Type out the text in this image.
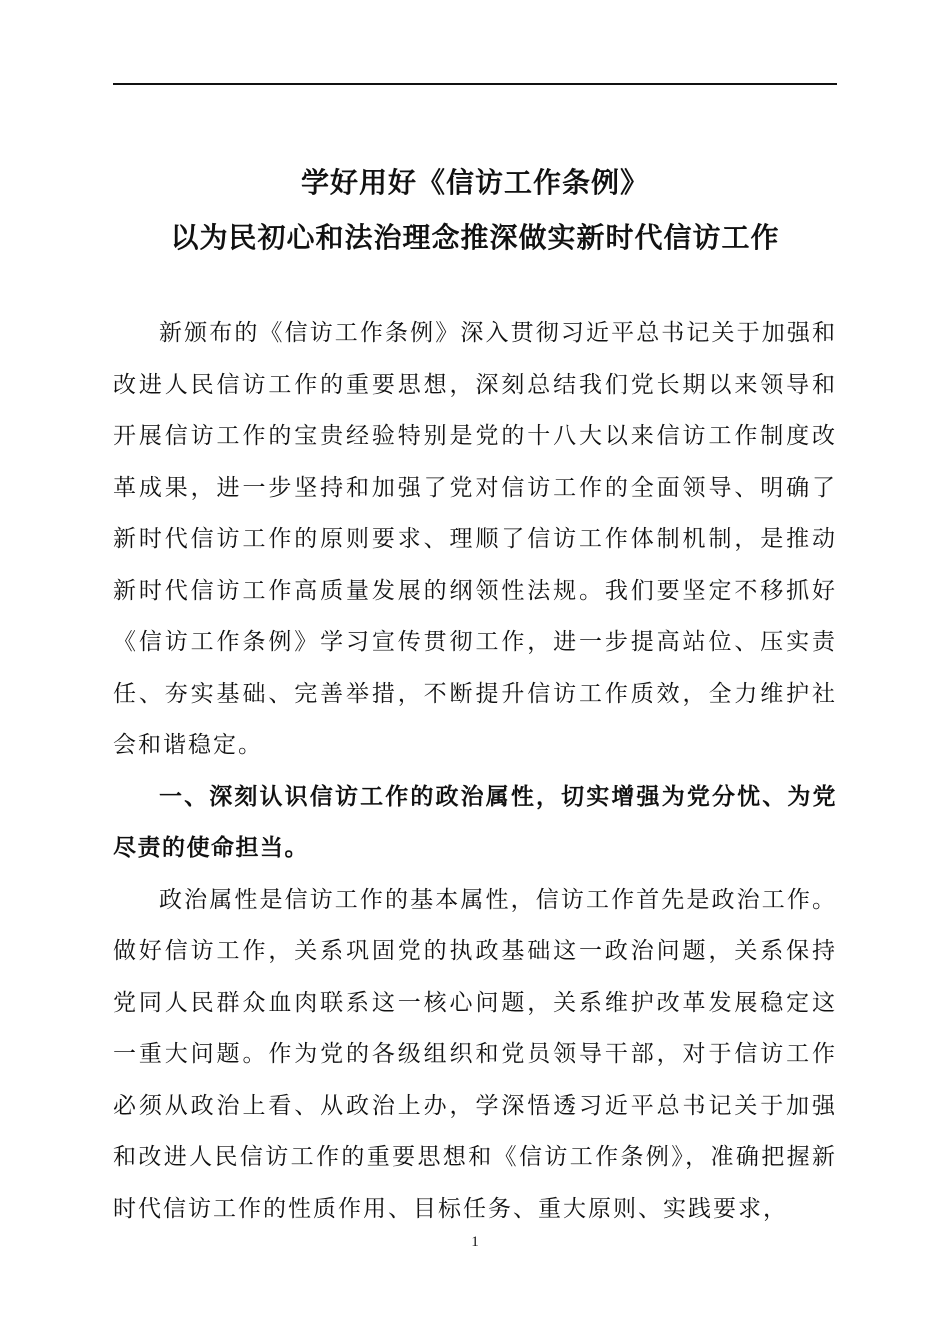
学好用好《信访工作条例》
以为民初心和法治理念推深做实新时代信访工作

新颁布的《信访工作条例》深入贯彻习近平总书记关于加强和改进人民信访工作的重要思想，深刻总结我们党长期以来领导和开展信访工作的宝贵经验特别是党的十八大以来信访工作制度改革成果，进一步坚持和加强了党对信访工作的全面领导、明确了新时代信访工作的原则要求、理顺了信访工作体制机制，是推动新时代信访工作高质量发展的纲领性法规。我们要坚定不移抓好《信访工作条例》学习宣传贯彻工作，进一步提高站位、压实责任、夯实基础、完善举措，不断提升信访工作质效，全力维护社会和谐稳定。

一、深刻认识信访工作的政治属性，切实增强为党分忧、为党尽责的使命担当。

政治属性是信访工作的基本属性，信访工作首先是政治工作。做好信访工作，关系巩固党的执政基础这一政治问题，关系保持党同人民群众血肉联系这一核心问题，关系维护改革发展稳定这一重大问题。作为党的各级组织和党员领导干部，对于信访工作必须从政治上看、从政治上办，学深悟透习近平总书记关于加强和改进人民信访工作的重要思想和《信访工作条例》，准确把握新时代信访工作的性质作用、目标任务、重大原则、实践要求，

1
